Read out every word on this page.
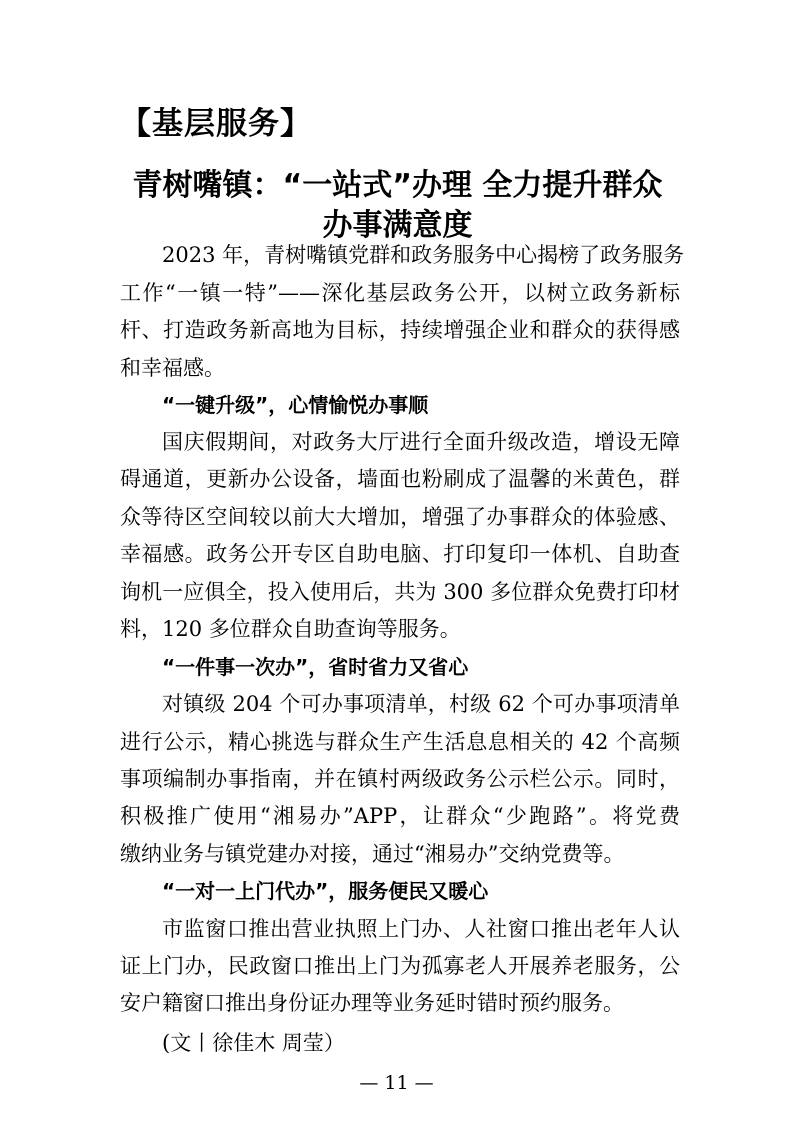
【基层服务】
青树嘴镇：“一站式”办理 全力提升群众
办事满意度
2023 年，青树嘴镇党群和政务服务中心揭榜了政务服务
工作“一镇一特”——深化基层政务公开，以树立政务新标
杆、打造政务新高地为目标，持续增强企业和群众的获得感
和幸福感。
“一键升级”，心情愉悦办事顺
国庆假期间，对政务大厅进行全面升级改造，增设无障
碍通道，更新办公设备，墙面也粉刷成了温馨的米黄色，群
众等待区空间较以前大大增加，增强了办事群众的体验感、
幸福感。政务公开专区自助电脑、打印复印一体机、自助查
询机一应俱全，投入使用后，共为 300 多位群众免费打印材
料，120 多位群众自助查询等服务。
“一件事一次办”，省时省力又省心
对镇级 204 个可办事项清单，村级 62 个可办事项清单
进行公示，精心挑选与群众生产生活息息相关的 42 个高频
事项编制办事指南，并在镇村两级政务公示栏公示。同时，
积极推广使用“湘易办”APP，让群众“少跑路”。将党费
缴纳业务与镇党建办对接，通过“湘易办”交纳党费等。
“一对一上门代办”，服务便民又暖心
市监窗口推出营业执照上门办、人社窗口推出老年人认
证上门办，民政窗口推出上门为孤寡老人开展养老服务，公
安户籍窗口推出身份证办理等业务延时错时预约服务。
(文丨徐佳木 周莹）
— 11 —
